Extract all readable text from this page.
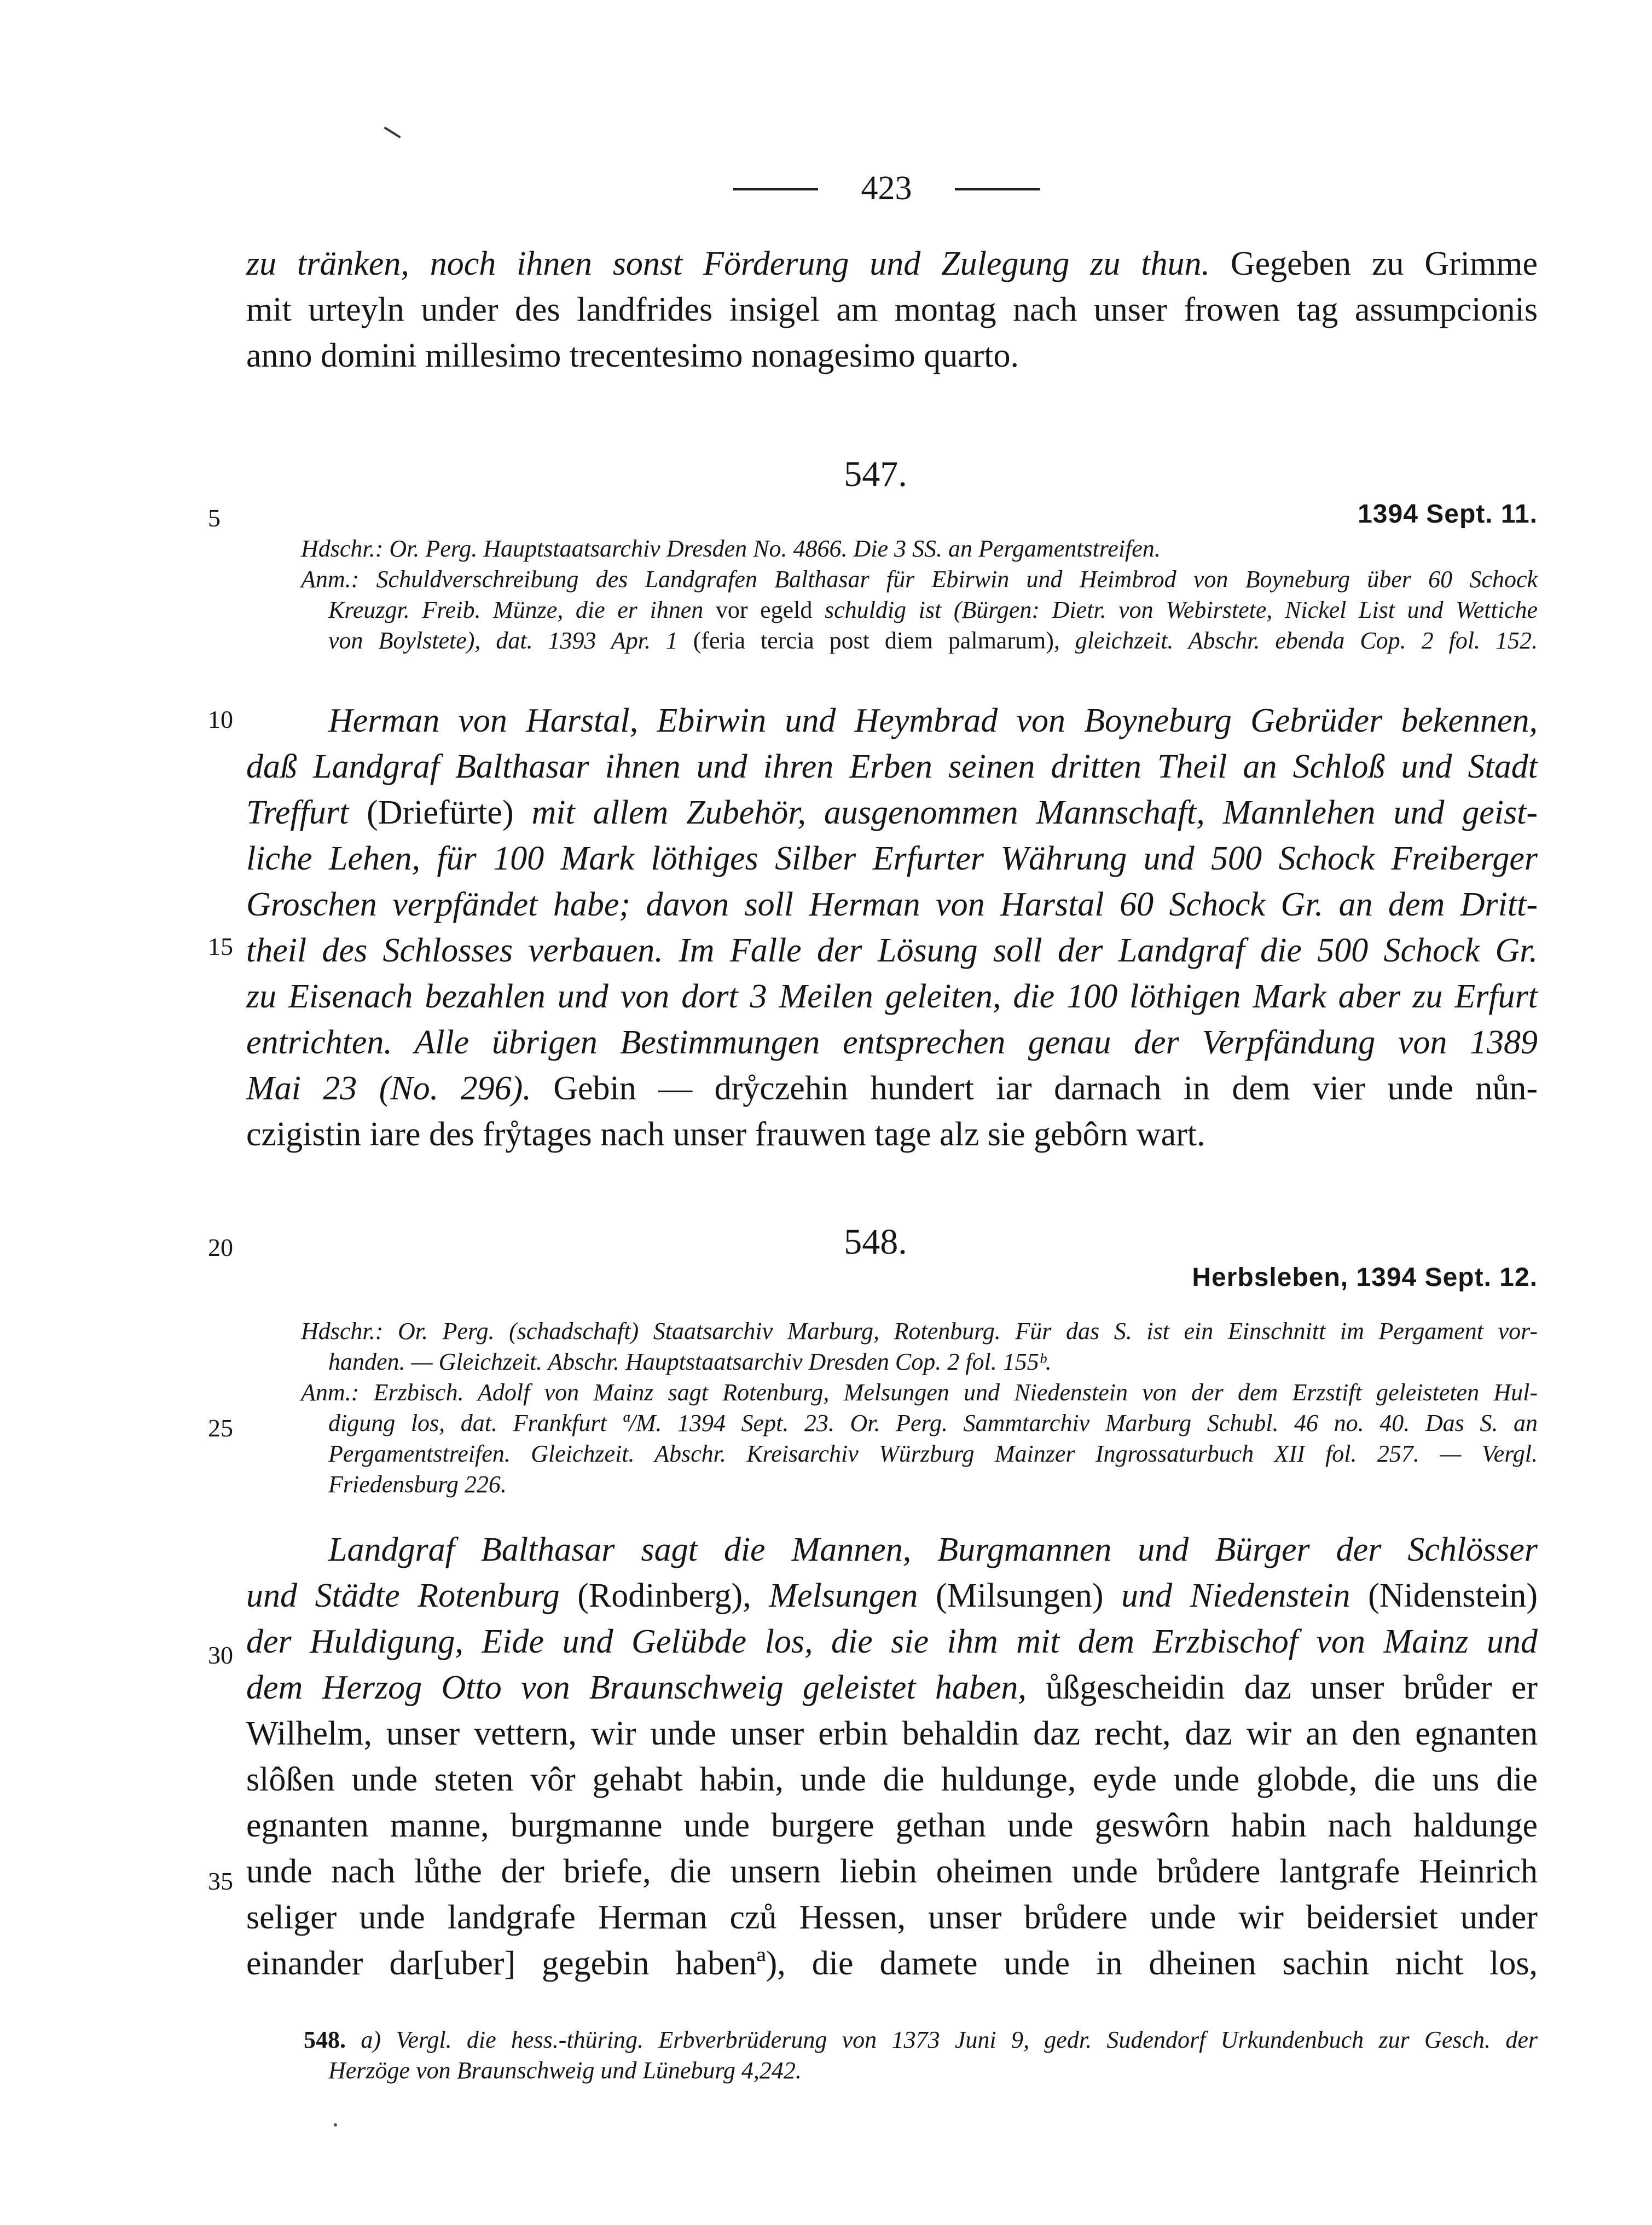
423
zu tränken, noch ihnen sonst Förderung und Zulegung zu thun. Gegeben zu Grimme
mit urteyln under des landfrides insigel am montag nach unser frowen tag assumpcionis
anno domini millesimo trecentesimo nonagesimo quarto.
5
10
15
20
25
30
35
547.
1394 Sept. 11.
Hdschr.: Or. Perg. Hauptstaatsarchiv Dresden No. 4866. Die 3 SS. an Pergamentstreifen.
Anm.: Schuldverschreibung des Landgrafen Balthasar für Ebirwin und Heimbrod von Boyneburg über 60 Schock
Kreuzgr. Freib. Münze, die er ihnen vor egeld schuldig ist (Bürgen: Dietr. von Webirstete, Nickel List und Wettiche
von Boylstete), dat. 1393 Apr. 1 (feria tercia post diem palmarum), gleichzeit. Abschr. ebenda Cop. 2 fol. 152.
Herman von Harstal, Ebirwin und Heymbrad von Boyneburg Gebrüder bekennen,
daß Landgraf Balthasar ihnen und ihren Erben seinen dritten Theil an Schloß und Stadt
Treffurt (Driefürte) mit allem Zubehör, ausgenommen Mannschaft, Mannlehen und geist-
liche Lehen, für 100 Mark löthiges Silber Erfurter Währung und 500 Schock Freiberger
Groschen verpfändet habe; davon soll Herman von Harstal 60 Schock Gr. an dem Dritt-
theil des Schlosses verbauen. Im Falle der Lösung soll der Landgraf die 500 Schock Gr.
zu Eisenach bezahlen und von dort 3 Meilen geleiten, die 100 löthigen Mark aber zu Erfurt
entrichten. Alle übrigen Bestimmungen entsprechen genau der Verpfändung von 1389
Mai 23 (No. 296). Gebin — drẙczehin hundert iar darnach in dem vier unde nůn-
czigistin iare des frẙtages nach unser frauwen tage alz sie gebôrn wart.
548.
Herbsleben, 1394 Sept. 12.
Hdschr.: Or. Perg. (schadschaft) Staatsarchiv Marburg, Rotenburg. Für das S. ist ein Einschnitt im Pergament vor-
handen. — Gleichzeit. Abschr. Hauptstaatsarchiv Dresden Cop. 2 fol. 155ᵇ.
Anm.: Erzbisch. Adolf von Mainz sagt Rotenburg, Melsungen und Niedenstein von der dem Erzstift geleisteten Hul-
digung los, dat. Frankfurt ª/M. 1394 Sept. 23. Or. Perg. Sammtarchiv Marburg Schubl. 46 no. 40. Das S. an
Pergamentstreifen. Gleichzeit. Abschr. Kreisarchiv Würzburg Mainzer Ingrossaturbuch XII fol. 257. — Vergl.
Friedensburg 226.
Landgraf Balthasar sagt die Mannen, Burgmannen und Bürger der Schlösser
und Städte Rotenburg (Rodinberg), Melsungen (Milsungen) und Niedenstein (Nidenstein)
der Huldigung, Eide und Gelübde los, die sie ihm mit dem Erzbischof von Mainz und
dem Herzog Otto von Braunschweig geleistet haben, ůßgescheidin daz unser brůder er
Wilhelm, unser vettern, wir unde unser erbin behaldin daz recht, daz wir an den egnanten
slôßen unde steten vôr gehabt habin, unde die huldunge, eyde unde globde, die uns die
egnanten manne, burgmanne unde burgere gethan unde geswôrn habin nach haldunge
unde nach lůthe der briefe, die unsern liebin oheimen unde brůdere lantgrafe Heinrich
seliger unde landgrafe Herman czů Hessen, unser brůdere unde wir beidersiet under
einander dar[uber] gegebin habenª), die damete unde in dheinen sachin nicht los,
548. a) Vergl. die hess.-thüring. Erbverbrüderung von 1373 Juni 9, gedr. Sudendorf Urkundenbuch zur Gesch. der
Herzöge von Braunschweig und Lüneburg 4,242.
